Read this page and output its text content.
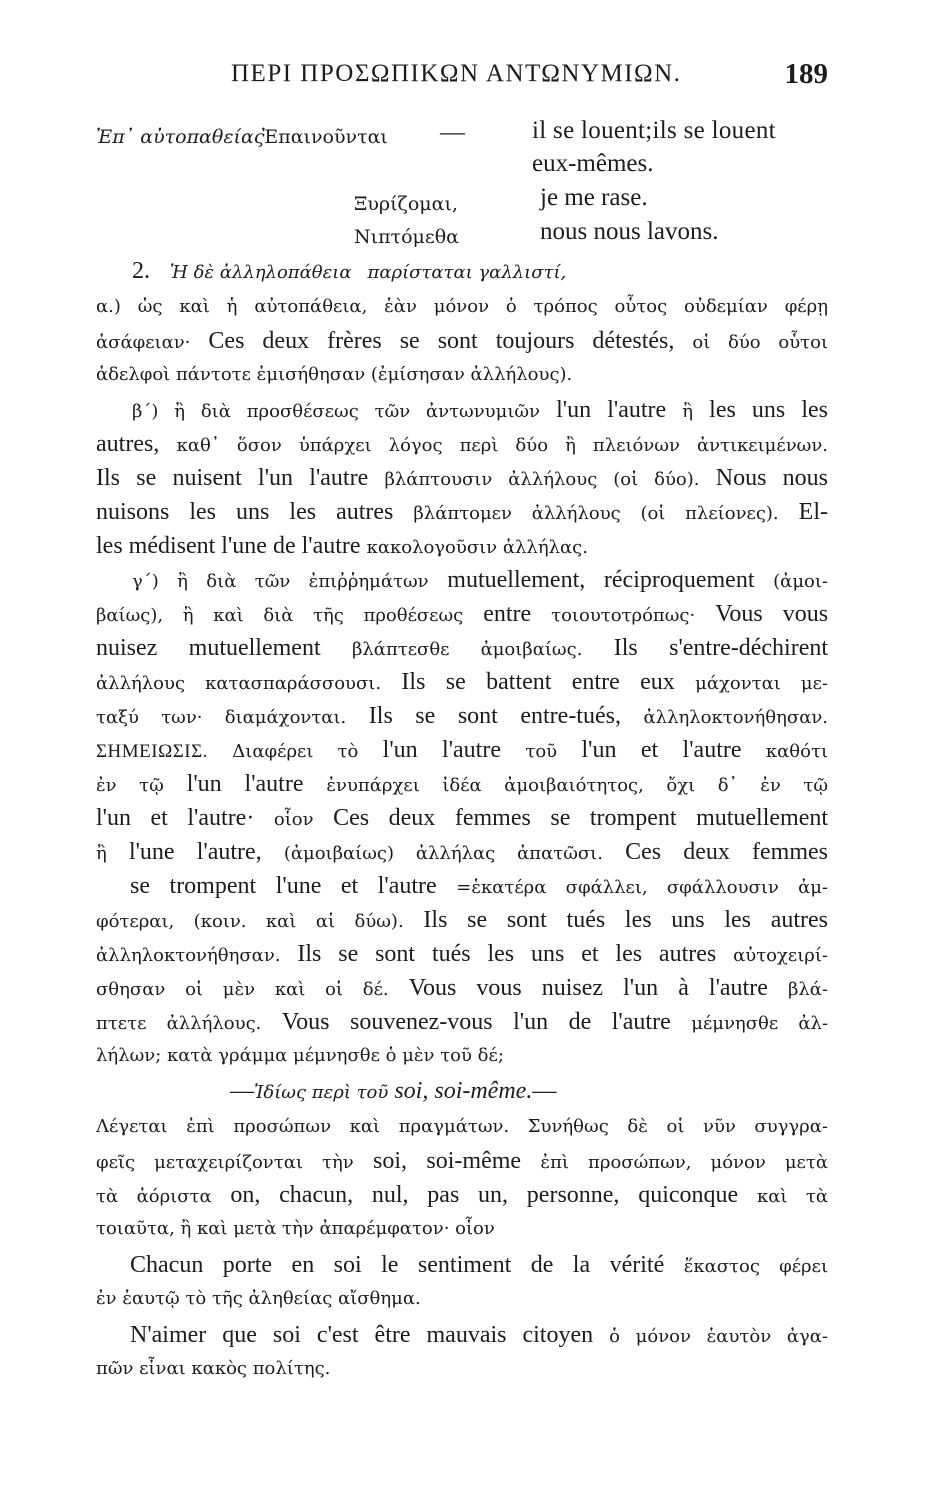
ΠΕΡΙ ΠΡΟΣΩΠΙΚΩΝ ΑΝΤΩΝΥΜΙΩΝ.	189
Ἐπ᾽ αὐτοπαθείας
Ἐπαινοῦνται —	il se louent;ils se louent
eux-mêmes.
Ξυρίζομαι,	je me rase.
Νιπτόμεθα	nous nous lavons.
2. Ἡ δὲ ἀλληλοπάθεια παρίσταται γαλλιστί,
α.) ὡς καὶ ἡ αὐτοπάθεια, ἐὰν μόνον ὁ τρόπος οὗτος οὐδεμίαν φέρῃ
ἀσάφειαν· Ces deux frères se sont toujours détestés, οἱ δύο οὗτοι
ἀδελφοὶ πάντοτε ἐμισήθησαν (ἐμίσησαν ἀλλήλους).
β´) ἢ διὰ προσθέσεως τῶν ἀντωνυμιῶν l'un l'autre ἢ les uns les
autres, καθ᾽ ὅσον ὑπάρχει λόγος περὶ δύο ἢ πλειόνων ἀντικειμένων.
Ils se nuisent l'un l'autre βλάπτουσιν ἀλλήλους (οἱ δύο). Nous nous
nuisons les uns les autres βλάπτομεν ἀλλήλους (οἱ πλείονες). El-
les médisent l'une de l'autre κακολογοῦσιν ἀλλήλας.
γ´) ἢ διὰ τῶν ἐπιῤῥημάτων mutuellement, réciproquement (ἀμοι-
βαίως), ἢ καὶ διὰ τῆς προθέσεως entre τοιουτοτρόπως· Vous vous
nuisez mutuellement βλάπτεσθε ἀμοιβαίως. Ils s'entre-déchirent
ἀλλήλους κατασπαράσσουσι. Ils se battent entre eux μάχονται με-
ταξύ των· διαμάχονται. Ils se sont entre-tués, ἀλληλοκτονήθησαν.
ΣΗΜΕΙΩΣΙΣ. Διαφέρει τὸ l'un l'autre τοῦ l'un et l'autre καθότι
ἐν τῷ l'un l'autre ἐνυπάρχει ἰδέα ἀμοιβαιότητος, ὄχι δ᾽ ἐν τῷ
l'un et l'autre· οἷον Ces deux femmes se trompent mutuellement
ἢ l'une l'autre, (ἀμοιβαίως) ἀλλήλας ἀπατῶσι. Ces deux femmes
se trompent l'une et l'autre =ἑκατέρα σφάλλει, σφάλλουσιν ἀμ-
φότεραι, (κοιν. καὶ αἱ δύω). Ils se sont tués les uns les autres
ἀλληλοκτονήθησαν. Ils se sont tués les uns et les autres αὐτοχειρί-
σθησαν οἱ μὲν καὶ οἱ δέ. Vous vous nuisez l'un à l'autre βλά-
πτετε ἀλλήλους. Vous souvenez-vous l'un de l'autre μέμνησθε ἀλ-
λήλων; κατὰ γράμμα μέμνησθε ὁ μὲν τοῦ δέ;
—Ἰδίως περὶ τοῦ soi, soi-même.—
Λέγεται ἐπὶ προσώπων καὶ πραγμάτων. Συνήθως δὲ οἱ νῦν συγγρα-
φεῖς μεταχειρίζονται τὴν soi, soi-même ἐπὶ προσώπων, μόνον μετὰ
τὰ ἀόριστα on, chacun, nul, pas un, personne, quiconque καὶ τὰ
τοιαῦτα, ἢ καὶ μετὰ τὴν ἀπαρέμφατον· οἷον
Chacun porte en soi le sentiment de la vérité ἕκαστος φέρει
ἐν ἑαυτῷ τὸ τῆς ἀληθείας αἴσθημα.
N'aimer que soi c'est être mauvais citoyen ὁ μόνον ἑαυτὸν ἀγα-
πῶν εἶναι κακὸς πολίτης.
